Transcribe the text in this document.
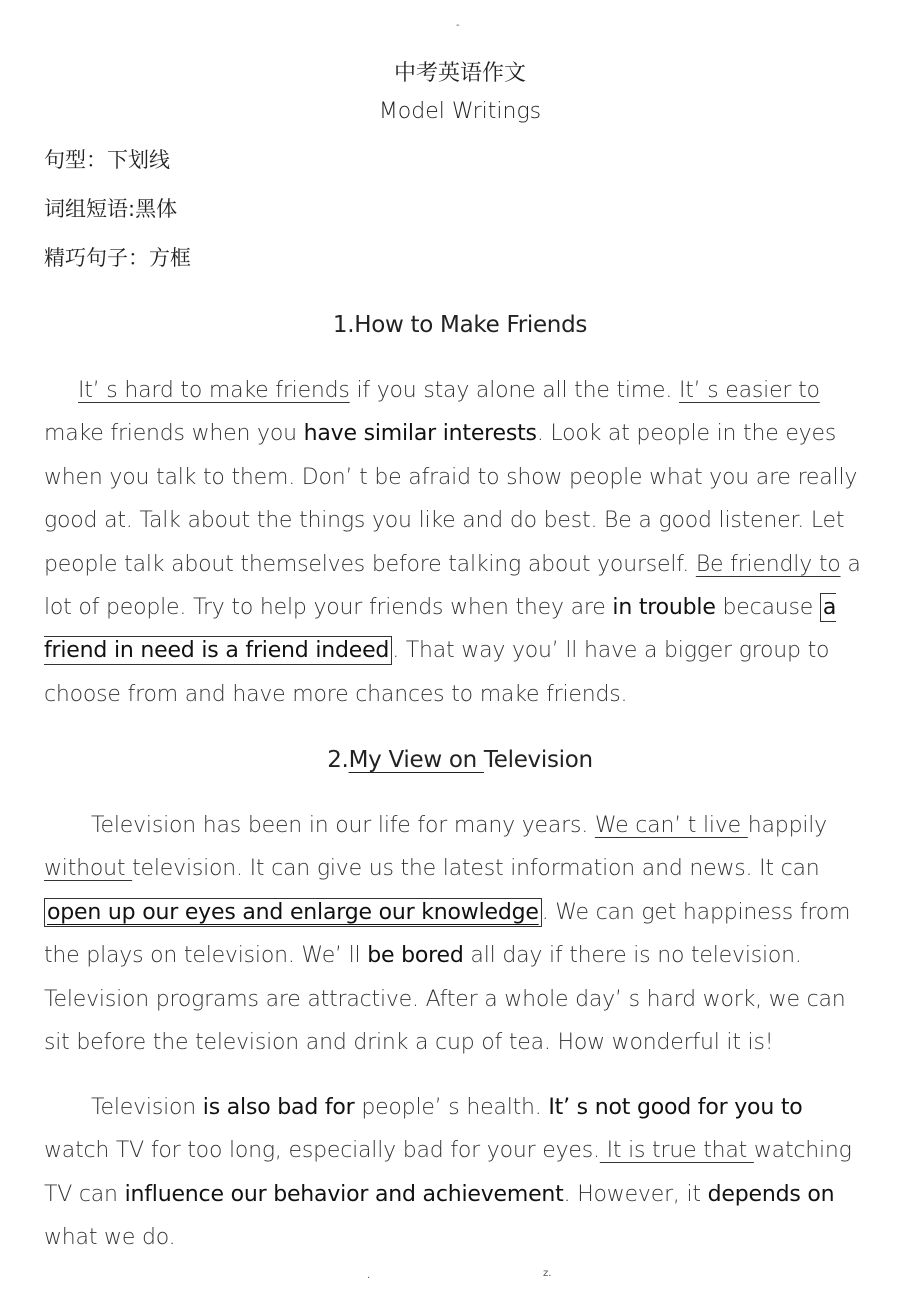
-
中考英语作文
Model Writings
句型：下划线
词组短语:黑体
精巧句子：方框
1.How to Make Friends

It’ s hard to make friends if you stay alone all the time. It’ s easier to make friends when you have similar interests. Look at people in the eyes when you talk to them. Don’ t be afraid to show people what you are really good at. Talk about the things you like and do best. Be a good listener. Let people talk about themselves before talking about yourself. Be friendly to a lot of people. Try to help your friends when they are in trouble because a friend in need is a friend indeed . That way you’ ll have a bigger group to choose from and have more chances to make friends.

2.My View on Television

Television has been in our life for many years. We can’ t live happily without television. It can give us the latest information and news. It can open up our eyes and enlarge our knowledge . We can get happiness from the plays on television. We’ ll be bored all day if there is no television. Television programs are attractive. After a whole day’ s hard work, we can sit before the television and drink a cup of tea. How wonderful it is!

Television is also bad for people’ s health. It’ s not good for you to watch TV for too long, especially bad for your eyes. It is true that watching TV can influence our behavior and achievement. However, it depends on what we do.

.	z.
